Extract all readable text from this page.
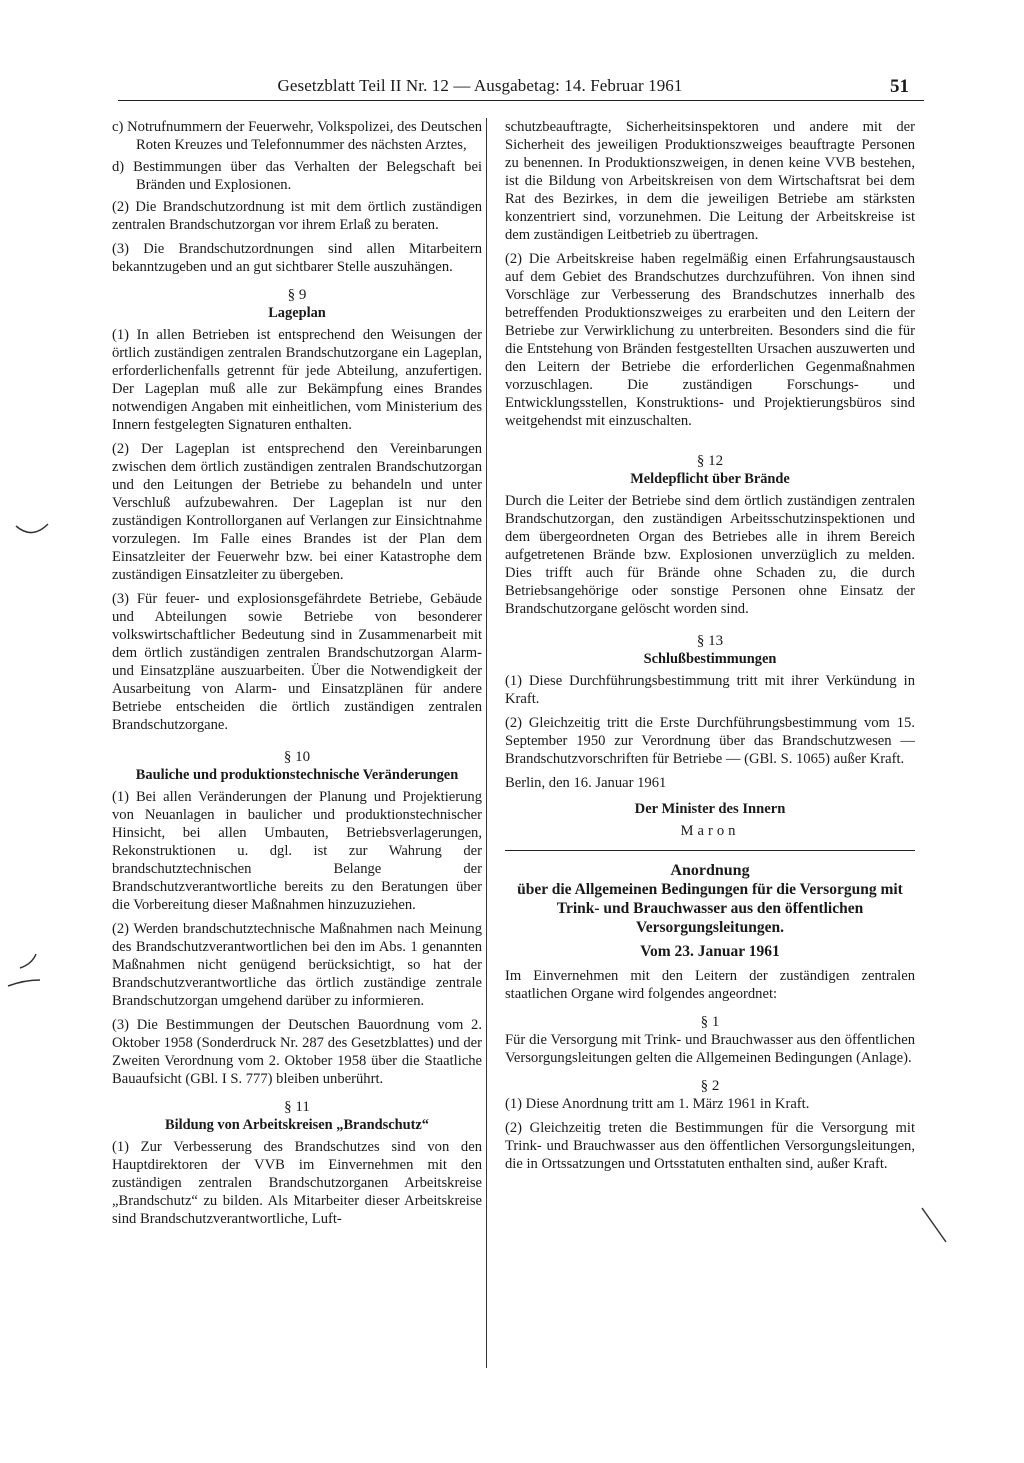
Gesetzblatt Teil II Nr. 12 — Ausgabetag: 14. Februar 1961	51

c) Notrufnummern der Feuerwehr, Volkspolizei, des Deutschen Roten Kreuzes und Telefonnummer des nächsten Arztes,

d) Bestimmungen über das Verhalten der Belegschaft bei Bränden und Explosionen.

(2) Die Brandschutzordnung ist mit dem örtlich zuständigen zentralen Brandschutzorgan vor ihrem Erlaß zu beraten.

(3) Die Brandschutzordnungen sind allen Mitarbeitern bekanntzugeben und an gut sichtbarer Stelle auszuhängen.

§ 9

Lageplan

(1) In allen Betrieben ist entsprechend den Weisungen der örtlich zuständigen zentralen Brandschutzorgane ein Lageplan, erforderlichenfalls getrennt für jede Abteilung, anzufertigen. Der Lageplan muß alle zur Bekämpfung eines Brandes notwendigen Angaben mit einheitlichen, vom Ministerium des Innern festgelegten Signaturen enthalten.

(2) Der Lageplan ist entsprechend den Vereinbarungen zwischen dem örtlich zuständigen zentralen Brandschutzorgan und den Leitungen der Betriebe zu behandeln und unter Verschluß aufzubewahren. Der Lageplan ist nur den zuständigen Kontrollorganen auf Verlangen zur Einsichtnahme vorzulegen. Im Falle eines Brandes ist der Plan dem Einsatzleiter der Feuerwehr bzw. bei einer Katastrophe dem zuständigen Einsatzleiter zu übergeben.

(3) Für feuer- und explosionsgefährdete Betriebe, Gebäude und Abteilungen sowie Betriebe von besonderer volkswirtschaftlicher Bedeutung sind in Zusammenarbeit mit dem örtlich zuständigen zentralen Brandschutzorgan Alarm- und Einsatzpläne auszuarbeiten. Über die Notwendigkeit der Ausarbeitung von Alarm- und Einsatzplänen für andere Betriebe entscheiden die örtlich zuständigen zentralen Brandschutzorgane.

§ 10

Bauliche und produktionstechnische Veränderungen

(1) Bei allen Veränderungen der Planung und Projektierung von Neuanlagen in baulicher und produktionstechnischer Hinsicht, bei allen Umbauten, Betriebsverlagerungen, Rekonstruktionen u. dgl. ist zur Wahrung der brandschutztechnischen Belange der Brandschutzverantwortliche bereits zu den Beratungen über die Vorbereitung dieser Maßnahmen hinzuzuziehen.

(2) Werden brandschutztechnische Maßnahmen nach Meinung des Brandschutzverantwortlichen bei den im Abs. 1 genannten Maßnahmen nicht genügend berücksichtigt, so hat der Brandschutzverantwortliche das örtlich zuständige zentrale Brandschutzorgan umgehend darüber zu informieren.

(3) Die Bestimmungen der Deutschen Bauordnung vom 2. Oktober 1958 (Sonderdruck Nr. 287 des Gesetzblattes) und der Zweiten Verordnung vom 2. Oktober 1958 über die Staatliche Bauaufsicht (GBl. I S. 777) bleiben unberührt.

§ 11

Bildung von Arbeitskreisen „Brandschutz“

(1) Zur Verbesserung des Brandschutzes sind von den Hauptdirektoren der VVB im Einvernehmen mit den zuständigen zentralen Brandschutzorganen Arbeitskreise „Brandschutz“ zu bilden. Als Mitarbeiter dieser Arbeitskreise sind Brandschutzverantwortliche, Luft-

schutzbeauftragte, Sicherheitsinspektoren und andere mit der Sicherheit des jeweiligen Produktionszweiges beauftragte Personen zu benennen. In Produktionszweigen, in denen keine VVB bestehen, ist die Bildung von Arbeitskreisen von dem Wirtschaftsrat bei dem Rat des Bezirkes, in dem die jeweiligen Betriebe am stärksten konzentriert sind, vorzunehmen. Die Leitung der Arbeitskreise ist dem zuständigen Leitbetrieb zu übertragen.

(2) Die Arbeitskreise haben regelmäßig einen Erfahrungsaustausch auf dem Gebiet des Brandschutzes durchzuführen. Von ihnen sind Vorschläge zur Verbesserung des Brandschutzes innerhalb des betreffenden Produktionszweiges zu erarbeiten und den Leitern der Betriebe zur Verwirklichung zu unterbreiten. Besonders sind die für die Entstehung von Bränden festgestellten Ursachen auszuwerten und den Leitern der Betriebe die erforderlichen Gegenmaßnahmen vorzuschlagen. Die zuständigen Forschungs- und Entwicklungsstellen, Konstruktions- und Projektierungsbüros sind weitgehendst mit einzuschalten.

§ 12

Meldepflicht über Brände

Durch die Leiter der Betriebe sind dem örtlich zuständigen zentralen Brandschutzorgan, den zuständigen Arbeitsschutzinspektionen und dem übergeordneten Organ des Betriebes alle in ihrem Bereich aufgetretenen Brände bzw. Explosionen unverzüglich zu melden. Dies trifft auch für Brände ohne Schaden zu, die durch Betriebsangehörige oder sonstige Personen ohne Einsatz der Brandschutzorgane gelöscht worden sind.

§ 13

Schlußbestimmungen

(1) Diese Durchführungsbestimmung tritt mit ihrer Verkündung in Kraft.

(2) Gleichzeitig tritt die Erste Durchführungsbestimmung vom 15. September 1950 zur Verordnung über das Brandschutzwesen — Brandschutzvorschriften für Betriebe — (GBl. S. 1065) außer Kraft.

Berlin, den 16. Januar 1961

Der Minister des Innern

Maron

Anordnung

über die Allgemeinen Bedingungen für die Versorgung mit Trink- und Brauchwasser aus den öffentlichen Versorgungsleitungen.

Vom 23. Januar 1961

Im Einvernehmen mit den Leitern der zuständigen zentralen staatlichen Organe wird folgendes angeordnet:

§ 1

Für die Versorgung mit Trink- und Brauchwasser aus den öffentlichen Versorgungsleitungen gelten die Allgemeinen Bedingungen (Anlage).

§ 2

(1) Diese Anordnung tritt am 1. März 1961 in Kraft.

(2) Gleichzeitig treten die Bestimmungen für die Versorgung mit Trink- und Brauchwasser aus den öffentlichen Versorgungsleitungen, die in Ortssatzungen und Ortsstatuten enthalten sind, außer Kraft.
